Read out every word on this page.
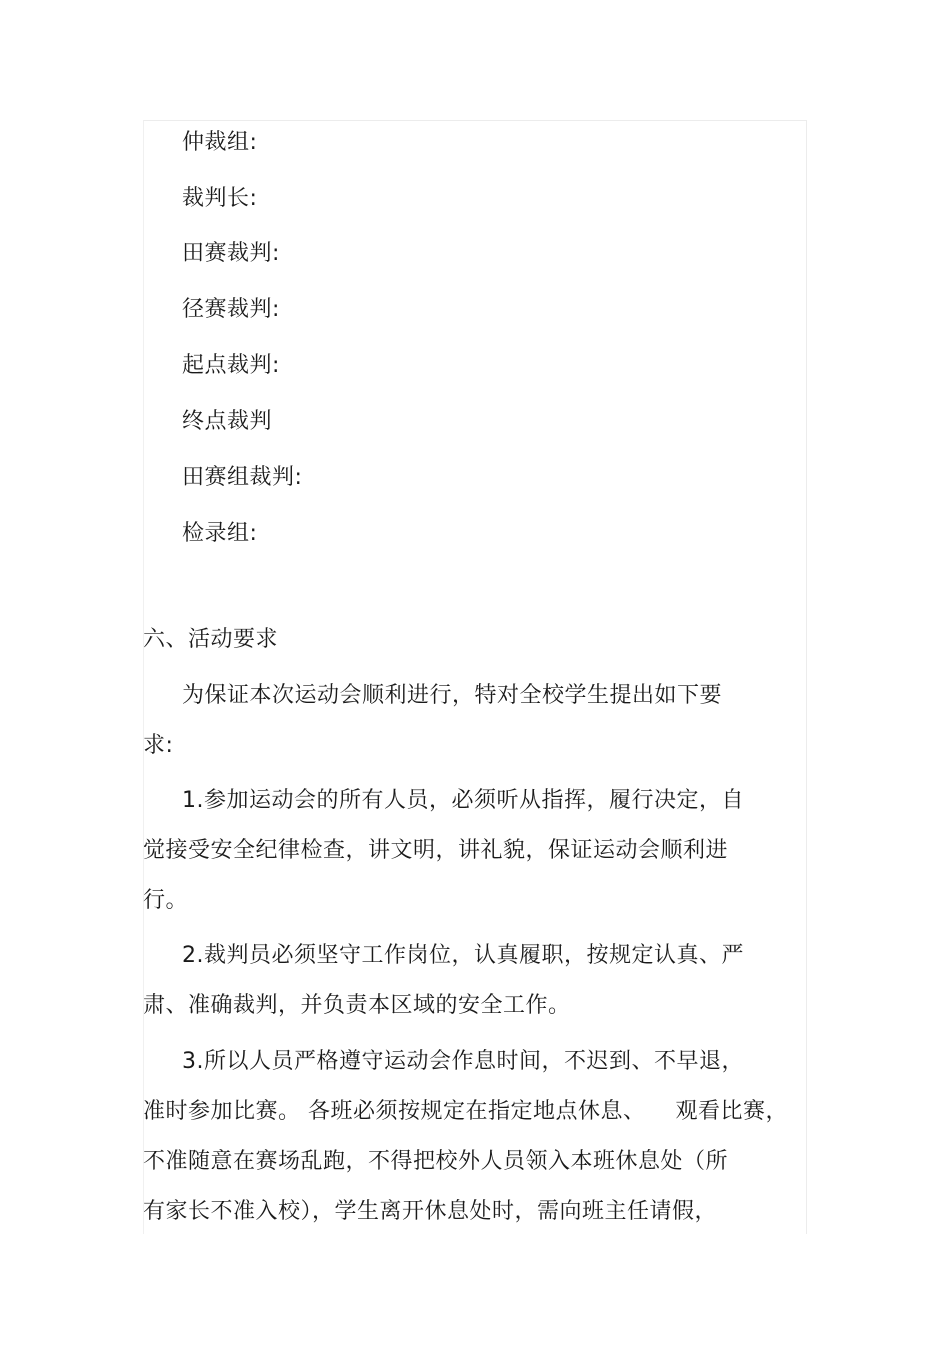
仲裁组:
裁判长:
田赛裁判:
径赛裁判:
起点裁判:
终点裁判
田赛组裁判:
检录组:
六、活动要求
为保证本次运动会顺利进行，特对全校学生提出如下要
求:
1.参加运动会的所有人员，必须听从指挥，履行决定，自
觉接受安全纪律检查，讲文明，讲礼貌，保证运动会顺利进
行。
2.裁判员必须坚守工作岗位，认真履职，按规定认真、严
肃、准确裁判，并负责本区域的安全工作。
3.所以人员严格遵守运动会作息时间，不迟到、不早退，
准时参加比赛。 各班必须按规定在指定地点休息、    观看比赛，
不准随意在赛场乱跑，不得把校外人员领入本班休息处（所
有家长不准入校），学生离开休息处时，需向班主任请假，
